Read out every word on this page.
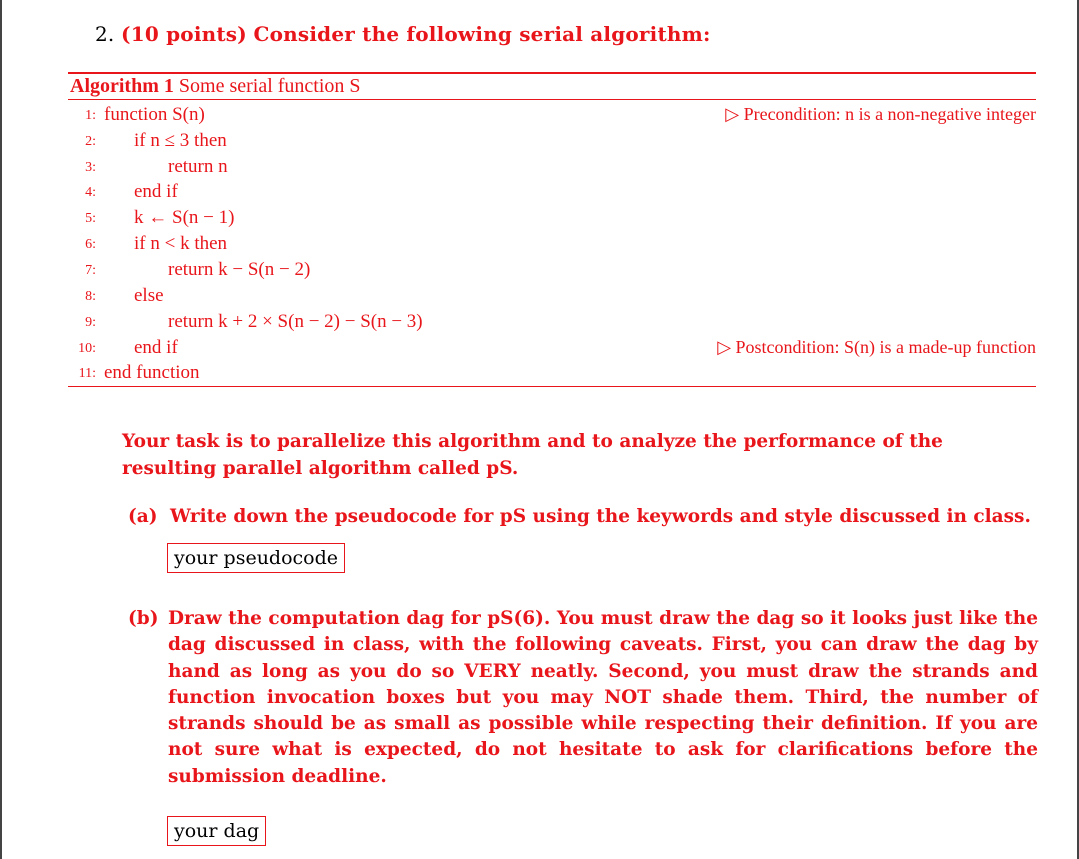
2. (10 points) Consider the following serial algorithm:
Algorithm 1 Some serial function S
1: function S(n)	▷ Precondition: n is a non-negative integer
2: if n ≤ 3 then
3:	return n
4: end if
5: k ← S(n − 1)
6: if n < k then
7:	return k − S(n − 2)
8: else
9:	return k + 2 × S(n − 2) − S(n − 3)
10: end if	▷ Postcondition: S(n) is a made-up function
11: end function
Your task is to parallelize this algorithm and to analyze the performance of the resulting parallel algorithm called pS.
(a) Write down the pseudocode for pS using the keywords and style discussed in class.
your pseudocode
(b) Draw the computation dag for pS(6). You must draw the dag so it looks just like the dag discussed in class, with the following caveats. First, you can draw the dag by hand as long as you do so VERY neatly. Second, you must draw the strands and function invocation boxes but you may NOT shade them. Third, the number of strands should be as small as possible while respecting their definition. If you are not sure what is expected, do not hesitate to ask for clarifications before the submission deadline.
your dag
